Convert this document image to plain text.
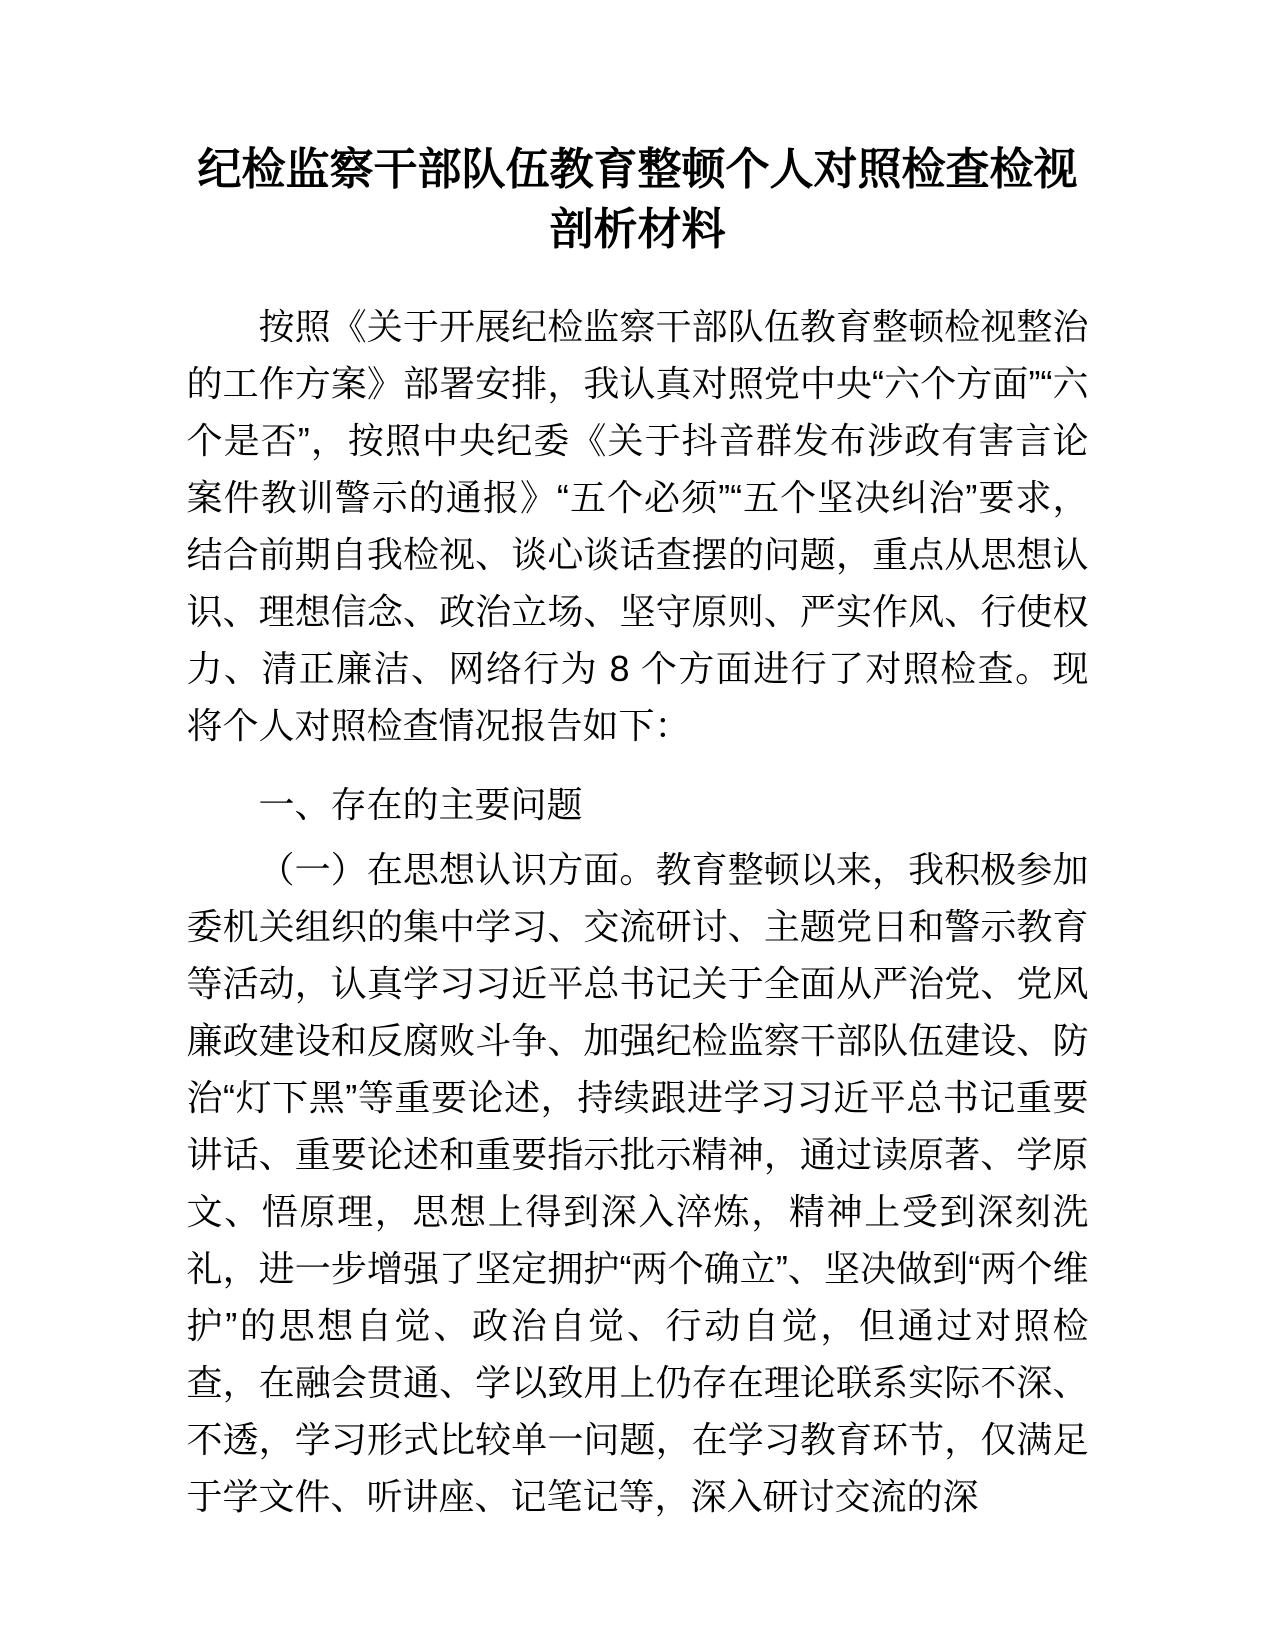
纪检监察干部队伍教育整顿个人对照检查检视剖析材料

按照《关于开展纪检监察干部队伍教育整顿检视整治的工作方案》部署安排，我认真对照党中央“六个方面”“六个是否”，按照中央纪委《关于抖音群发布涉政有害言论案件教训警示的通报》“五个必须”“五个坚决纠治”要求，结合前期自我检视、谈心谈话查摆的问题，重点从思想认识、理想信念、政治立场、坚守原则、严实作风、行使权力、清正廉洁、网络行为 8 个方面进行了对照检查。现将个人对照检查情况报告如下：

一、存在的主要问题

（一）在思想认识方面。教育整顿以来，我积极参加委机关组织的集中学习、交流研讨、主题党日和警示教育等活动，认真学习习近平总书记关于全面从严治党、党风廉政建设和反腐败斗争、加强纪检监察干部队伍建设、防治“灯下黑”等重要论述，持续跟进学习习近平总书记重要讲话、重要论述和重要指示批示精神，通过读原著、学原文、悟原理，思想上得到深入淬炼，精神上受到深刻洗礼，进一步增强了坚定拥护“两个确立”、坚决做到“两个维护”的思想自觉、政治自觉、行动自觉，但通过对照检查，在融会贯通、学以致用上仍存在理论联系实际不深、不透，学习形式比较单一问题，在学习教育环节，仅满足于学文件、听讲座、记笔记等，深入研讨交流的深
